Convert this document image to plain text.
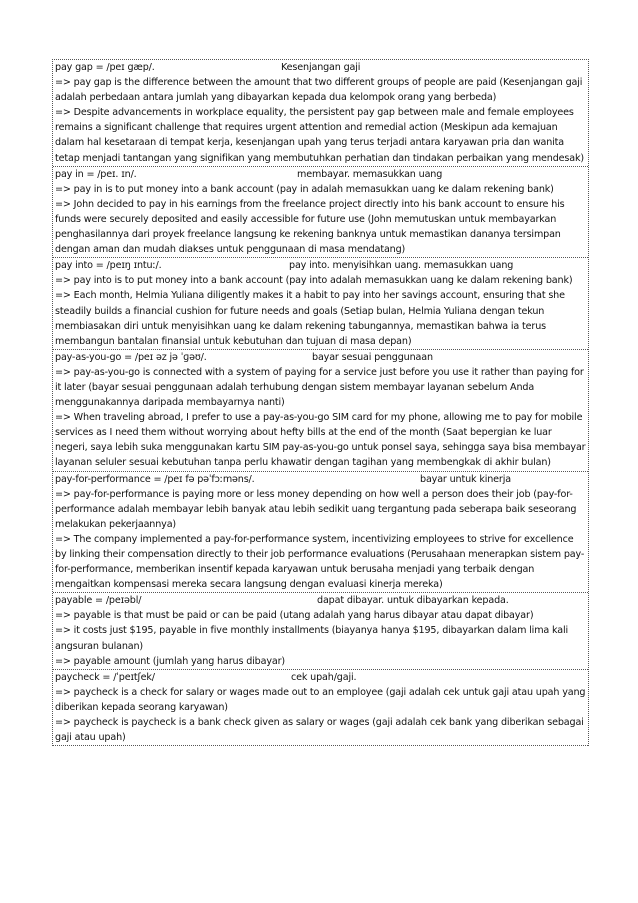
pay gap = /peɪ gæp/.	Kesenjangan gaji
=> pay gap is the difference between the amount that two different groups of people are paid (Kesenjangan gaji adalah perbedaan antara jumlah yang dibayarkan kepada dua kelompok orang yang berbeda)
=> Despite advancements in workplace equality, the persistent pay gap between male and female employees remains a significant challenge that requires urgent attention and remedial action (Meskipun ada kemajuan dalam hal kesetaraan di tempat kerja, kesenjangan upah yang terus terjadi antara karyawan pria dan wanita tetap menjadi tantangan yang signifikan yang membutuhkan perhatian dan tindakan perbaikan yang mendesak)
pay in = /peɪ. ɪn/.	membayar. memasukkan uang
=> pay in is to put money into a bank account (pay in adalah memasukkan uang ke dalam rekening bank)
=> John decided to pay in his earnings from the freelance project directly into his bank account to ensure his funds were securely deposited and easily accessible for future use (John memutuskan untuk membayarkan penghasilannya dari proyek freelance langsung ke rekening banknya untuk memastikan dananya tersimpan dengan aman dan mudah diakses untuk penggunaan di masa mendatang)
pay into = /peɪŋ ɪntuː/.	pay into. menyisihkan uang. memasukkan uang
=> pay into is to put money into a bank account (pay into adalah memasukkan uang ke dalam rekening bank)
=> Each month, Helmia Yuliana diligently makes it a habit to pay into her savings account, ensuring that she steadily builds a financial cushion for future needs and goals (Setiap bulan, Helmia Yuliana dengan tekun membiasakan diri untuk menyisihkan uang ke dalam rekening tabungannya, memastikan bahwa ia terus membangun bantalan finansial untuk kebutuhan dan tujuan di masa depan)
pay-as-you-go = /peɪ əz jə ˈɡəʊ/.	bayar sesuai penggunaan
=> pay-as-you-go is connected with a system of paying for a service just before you use it rather than paying for it later (bayar sesuai penggunaan adalah terhubung dengan sistem membayar layanan sebelum Anda menggunakannya daripada membayarnya nanti)
=> When traveling abroad, I prefer to use a pay-as-you-go SIM card for my phone, allowing me to pay for mobile services as I need them without worrying about hefty bills at the end of the month (Saat bepergian ke luar negeri, saya lebih suka menggunakan kartu SIM pay-as-you-go untuk ponsel saya, sehingga saya bisa membayar layanan seluler sesuai kebutuhan tanpa perlu khawatir dengan tagihan yang membengkak di akhir bulan)
pay-for-performance = /peɪ fə pəˈfɔːməns/.	bayar untuk kinerja
=> pay-for-performance is paying more or less money depending on how well a person does their job (pay-for-performance adalah membayar lebih banyak atau lebih sedikit uang tergantung pada seberapa baik seseorang melakukan pekerjaannya)
=> The company implemented a pay-for-performance system, incentivizing employees to strive for excellence by linking their compensation directly to their job performance evaluations (Perusahaan menerapkan sistem pay-for-performance, memberikan insentif kepada karyawan untuk berusaha menjadi yang terbaik dengan mengaitkan kompensasi mereka secara langsung dengan evaluasi kinerja mereka)
payable = /peɪəbl/	dapat dibayar. untuk dibayarkan kepada.
=> payable is that must be paid or can be paid (utang adalah yang harus dibayar atau dapat dibayar)
=> it costs just $195, payable in five monthly installments (biayanya hanya $195, dibayarkan dalam lima kali angsuran bulanan)
=> payable amount (jumlah yang harus dibayar)
paycheck = /ˈpeɪtʃek/	cek upah/gaji.
=> paycheck is a check for salary or wages made out to an employee (gaji adalah cek untuk gaji atau upah yang diberikan kepada seorang karyawan)
=> paycheck is paycheck is a bank check given as salary or wages (gaji adalah cek bank yang diberikan sebagai gaji atau upah)
